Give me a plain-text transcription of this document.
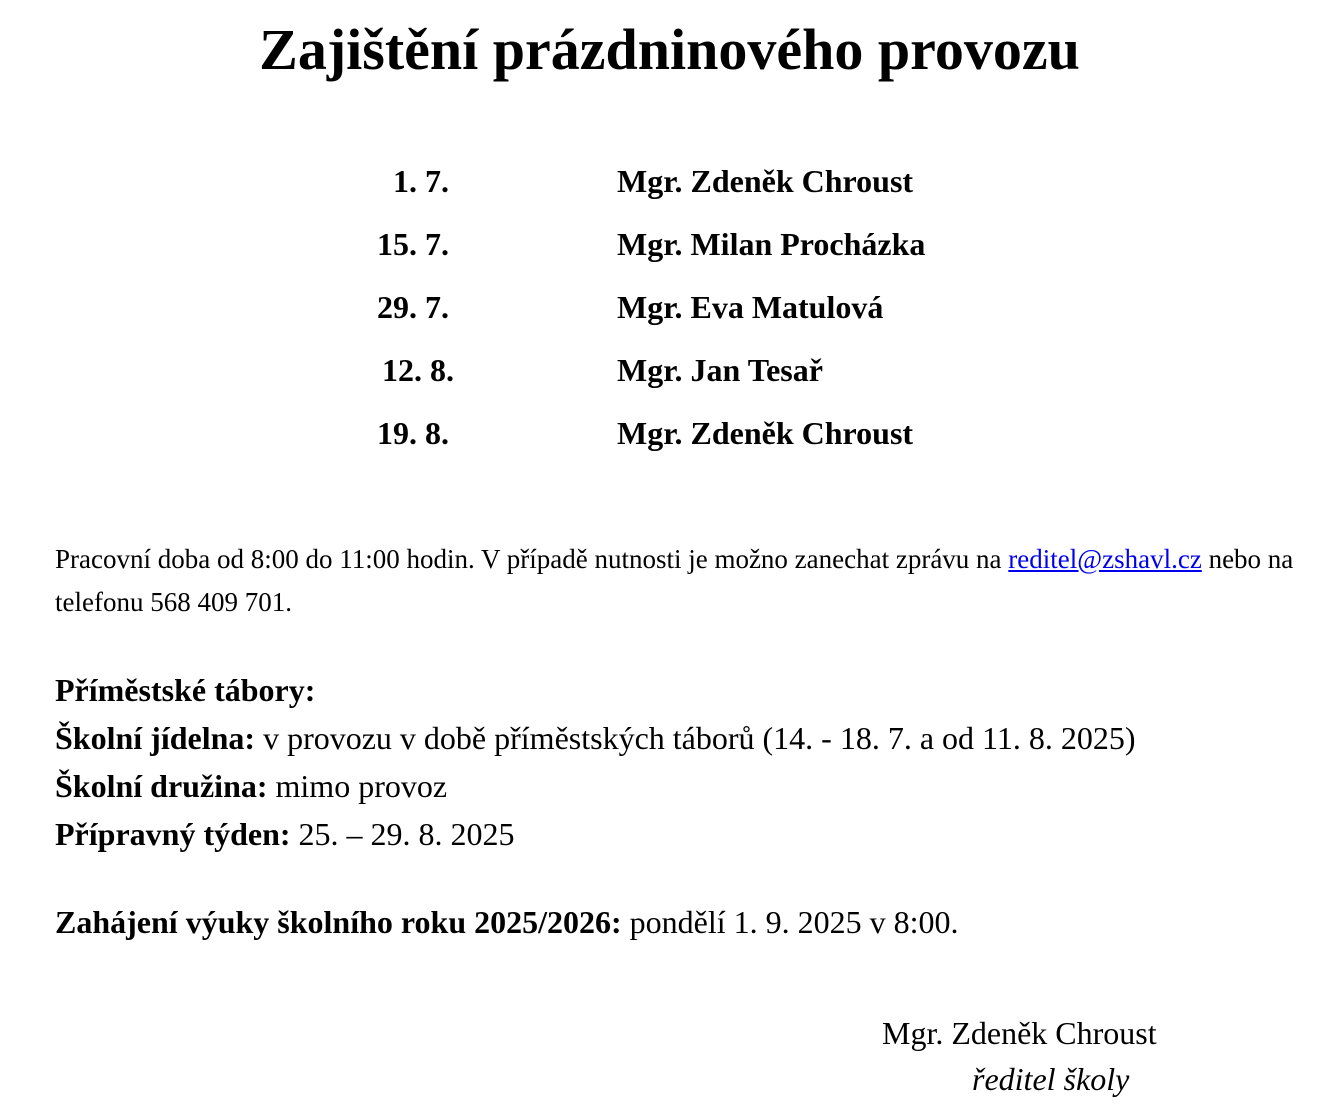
Zajištění prázdninového provozu
1. 7.	Mgr. Zdeněk Chroust
15. 7.	Mgr. Milan Procházka
29. 7.	Mgr. Eva Matulová
12. 8.	Mgr. Jan Tesař
19. 8.	Mgr. Zdeněk Chroust

Pracovní doba od 8:00 do 11:00 hodin. V případě nutnosti je možno zanechat zprávu na reditel@zshavl.cz nebo na telefonu 568 409 701.

Příměstské tábory:
Školní jídelna: v provozu v době příměstských táborů (14. - 18. 7. a od 11. 8. 2025)
Školní družina: mimo provoz
Přípravný týden: 25. – 29. 8. 2025

Zahájení výuky školního roku 2025/2026: pondělí 1. 9. 2025 v 8:00.

Mgr. Zdeněk Chroust
ředitel školy
